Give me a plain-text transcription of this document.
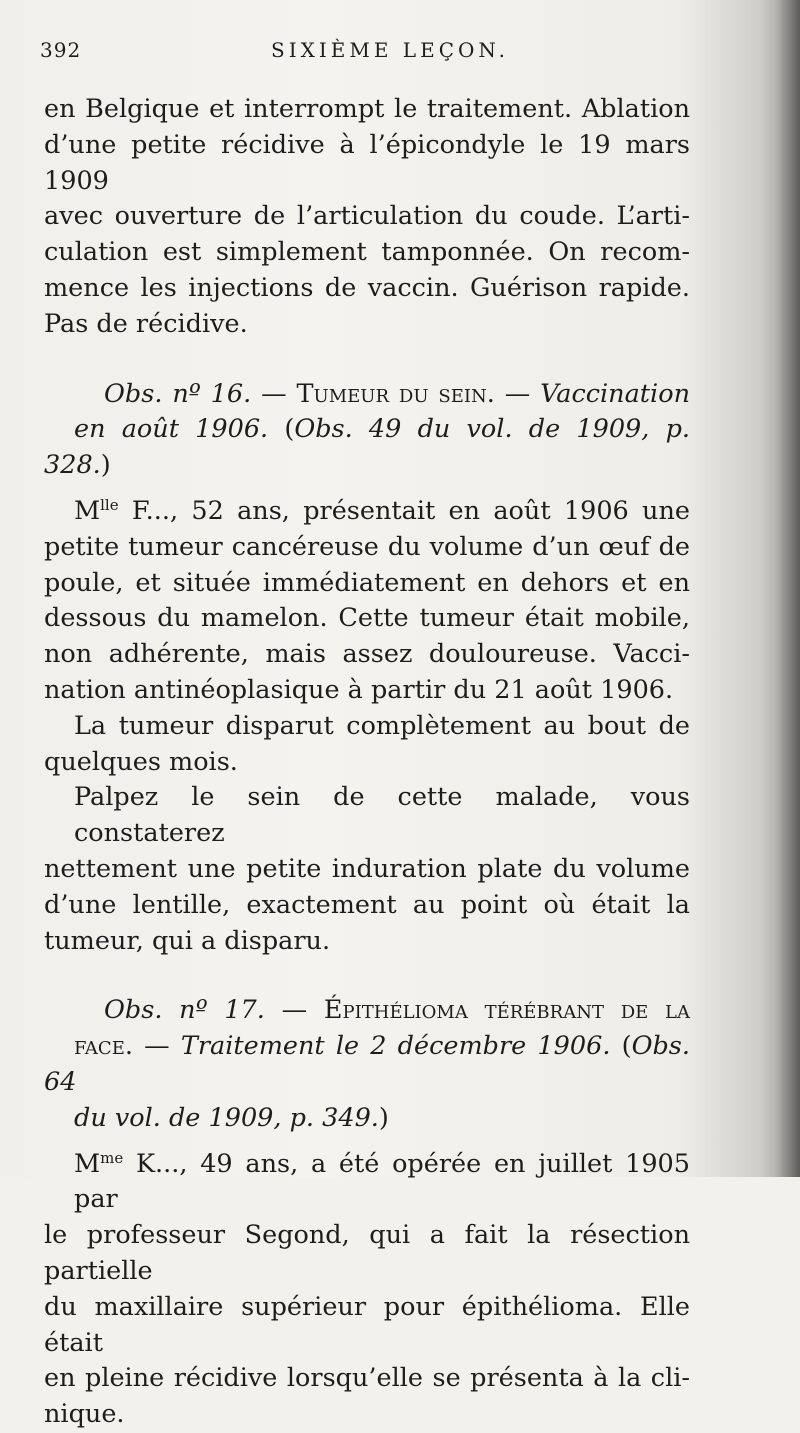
392	SIXIÈME LEÇON.
en Belgique et interrompt le traitement. Ablation
d’une petite récidive à l’épicondyle le 19 mars 1909
avec ouverture de l’articulation du coude. L’arti-
culation est simplement tamponnée. On recom-
mence les injections de vaccin. Guérison rapide.
Pas de récidive.
Obs. nº 16. — Tumeur du sein. — Vaccination
en août 1906. (Obs. 49 du vol. de 1909, p. 328.)
$M^{lle}$ F..., 52 ans, présentait en août 1906 une
petite tumeur cancéreuse du volume d’un œuf de
poule, et située immédiatement en dehors et en
dessous du mamelon. Cette tumeur était mobile,
non adhérente, mais assez douloureuse. Vacci-
nation antinéoplasique à partir du 21 août 1906.
La tumeur disparut complètement au bout de
quelques mois.
Palpez le sein de cette malade, vous constaterez
nettement une petite induration plate du volume
d’une lentille, exactement au point où était la
tumeur, qui a disparu.
Obs. nº 17. — Épithélioma térébrant de la
face. — Traitement le 2 décembre 1906. (Obs. 64
du vol. de 1909, p. 349.)
$M^{me}$ K..., 49 ans, a été opérée en juillet 1905 par
le professeur Segond, qui a fait la résection partielle
du maxillaire supérieur pour épithélioma. Elle était
en pleine récidive lorsqu’elle se présenta à la cli-
nique.
